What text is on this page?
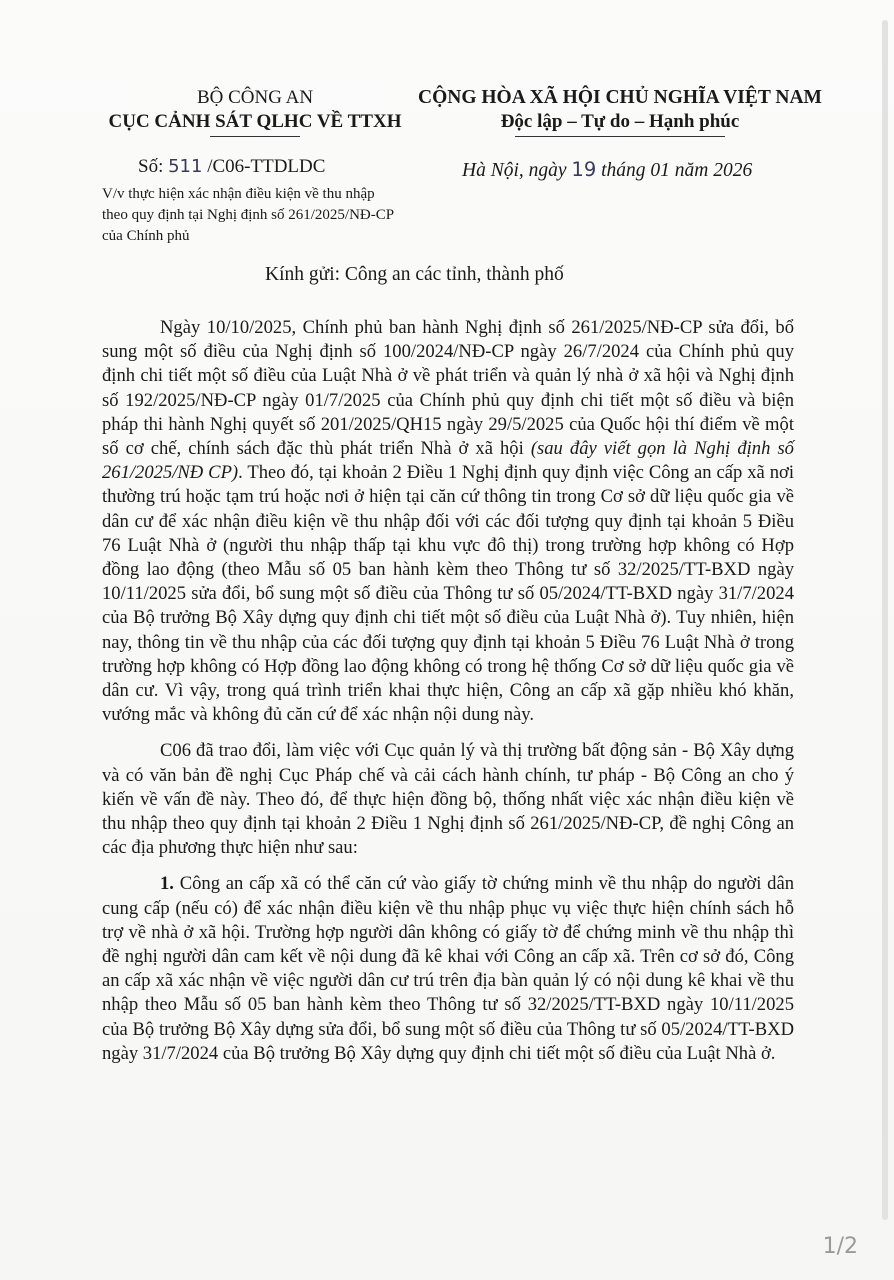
BỘ CÔNG AN
CỤC CẢNH SÁT QLHC VỀ TTXH
CỘNG HÒA XÃ HỘI CHỦ NGHĨA VIỆT NAM
Độc lập – Tự do – Hạnh phúc
Số: 511 /C06-TTDLDC	Hà Nội, ngày 19 tháng 01 năm 2026
V/v thực hiện xác nhận điều kiện về thu nhập theo quy định tại Nghị định số 261/2025/NĐ-CP của Chính phủ
Kính gửi: Công an các tỉnh, thành phố

Ngày 10/10/2025, Chính phủ ban hành Nghị định số 261/2025/NĐ-CP sửa đổi, bổ sung một số điều của Nghị định số 100/2024/NĐ-CP ngày 26/7/2024 của Chính phủ quy định chi tiết một số điều của Luật Nhà ở về phát triển và quản lý nhà ở xã hội và Nghị định số 192/2025/NĐ-CP ngày 01/7/2025 của Chính phủ quy định chi tiết một số điều và biện pháp thi hành Nghị quyết số 201/2025/QH15 ngày 29/5/2025 của Quốc hội thí điểm về một số cơ chế, chính sách đặc thù phát triển Nhà ở xã hội (sau đây viết gọn là Nghị định số 261/2025/NĐ CP). Theo đó, tại khoản 2 Điều 1 Nghị định quy định việc Công an cấp xã nơi thường trú hoặc tạm trú hoặc nơi ở hiện tại căn cứ thông tin trong Cơ sở dữ liệu quốc gia về dân cư để xác nhận điều kiện về thu nhập đối với các đối tượng quy định tại khoản 5 Điều 76 Luật Nhà ở (người thu nhập thấp tại khu vực đô thị) trong trường hợp không có Hợp đồng lao động (theo Mẫu số 05 ban hành kèm theo Thông tư số 32/2025/TT-BXD ngày 10/11/2025 sửa đổi, bổ sung một số điều của Thông tư số 05/2024/TT-BXD ngày 31/7/2024 của Bộ trưởng Bộ Xây dựng quy định chi tiết một số điều của Luật Nhà ở). Tuy nhiên, hiện nay, thông tin về thu nhập của các đối tượng quy định tại khoản 5 Điều 76 Luật Nhà ở trong trường hợp không có Hợp đồng lao động không có trong hệ thống Cơ sở dữ liệu quốc gia về dân cư. Vì vậy, trong quá trình triển khai thực hiện, Công an cấp xã gặp nhiều khó khăn, vướng mắc và không đủ căn cứ để xác nhận nội dung này.

C06 đã trao đổi, làm việc với Cục quản lý và thị trường bất động sản - Bộ Xây dựng và có văn bản đề nghị Cục Pháp chế và cải cách hành chính, tư pháp - Bộ Công an cho ý kiến về vấn đề này. Theo đó, để thực hiện đồng bộ, thống nhất việc xác nhận điều kiện về thu nhập theo quy định tại khoản 2 Điều 1 Nghị định số 261/2025/NĐ-CP, đề nghị Công an các địa phương thực hiện như sau:

1. Công an cấp xã có thể căn cứ vào giấy tờ chứng minh về thu nhập do người dân cung cấp (nếu có) để xác nhận điều kiện về thu nhập phục vụ việc thực hiện chính sách hỗ trợ về nhà ở xã hội. Trường hợp người dân không có giấy tờ để chứng minh về thu nhập thì đề nghị người dân cam kết về nội dung đã kê khai với Công an cấp xã. Trên cơ sở đó, Công an cấp xã xác nhận về việc người dân cư trú trên địa bàn quản lý có nội dung kê khai về thu nhập theo Mẫu số 05 ban hành kèm theo Thông tư số 32/2025/TT-BXD ngày 10/11/2025 của Bộ trưởng Bộ Xây dựng sửa đổi, bổ sung một số điều của Thông tư số 05/2024/TT-BXD ngày 31/7/2024 của Bộ trưởng Bộ Xây dựng quy định chi tiết một số điều của Luật Nhà ở.

1/2
